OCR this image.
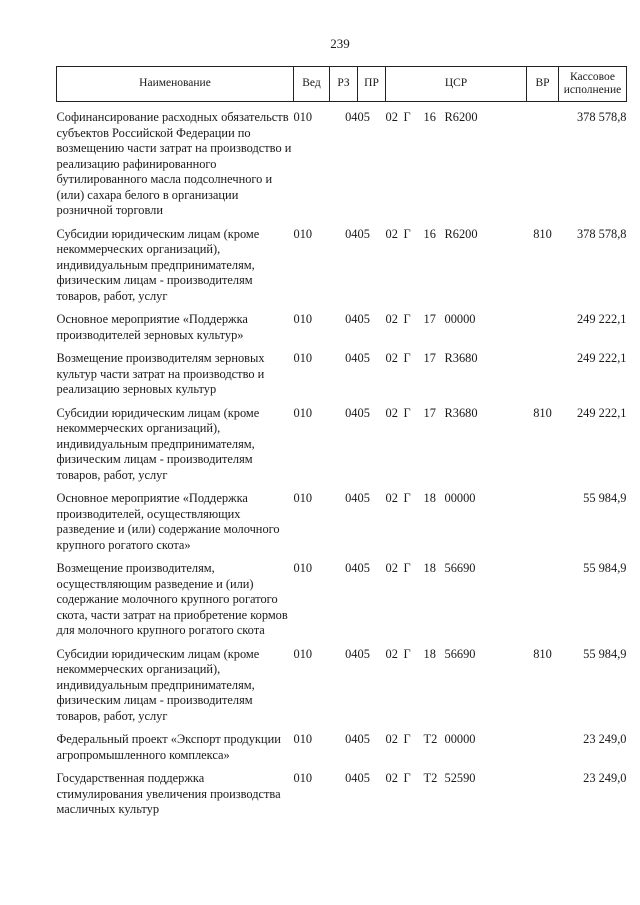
239
Наименование	Вед	РЗ	ПР	ЦСР	ВР	Кассовое исполнение

Софинансирование расходных обязательств субъектов Российской Федерации по возмещению части затрат на производство и реализацию рафинированного бутилированного масла подсолнечного и (или) сахара белого в организации розничной торговли	010	04	05	02 Г 16 R6200		378 578,8

Субсидии юридическим лицам (кроме некоммерческих организаций), индивидуальным предпринимателям, физическим лицам - производителям товаров, работ, услуг	010	04	05	02 Г 16 R6200	810	378 578,8

Основное мероприятие «Поддержка производителей зерновых культур»	010	04	05	02 Г 17 00000		249 222,1

Возмещение производителям зерновых культур части затрат на производство и реализацию зерновых культур	010	04	05	02 Г 17 R3680		249 222,1

Субсидии юридическим лицам (кроме некоммерческих организаций), индивидуальным предпринимателям, физическим лицам - производителям товаров, работ, услуг	010	04	05	02 Г 17 R3680	810	249 222,1

Основное мероприятие «Поддержка производителей, осуществляющих разведение и (или) содержание молочного крупного рогатого скота»	010	04	05	02 Г 18 00000		55 984,9

Возмещение производителям, осуществляющим разведение и (или) содержание молочного крупного рогатого скота, части затрат на приобретение кормов для молочного крупного рогатого скота	010	04	05	02 Г 18 56690		55 984,9

Субсидии юридическим лицам (кроме некоммерческих организаций), индивидуальным предпринимателям, физическим лицам - производителям товаров, работ, услуг	010	04	05	02 Г 18 56690	810	55 984,9

Федеральный проект «Экспорт продукции агропромышленного комплекса»	010	04	05	02 Г T2 00000		23 249,0

Государственная поддержка стимулирования увеличения производства масличных культур	010	04	05	02 Г T2 52590		23 249,0
